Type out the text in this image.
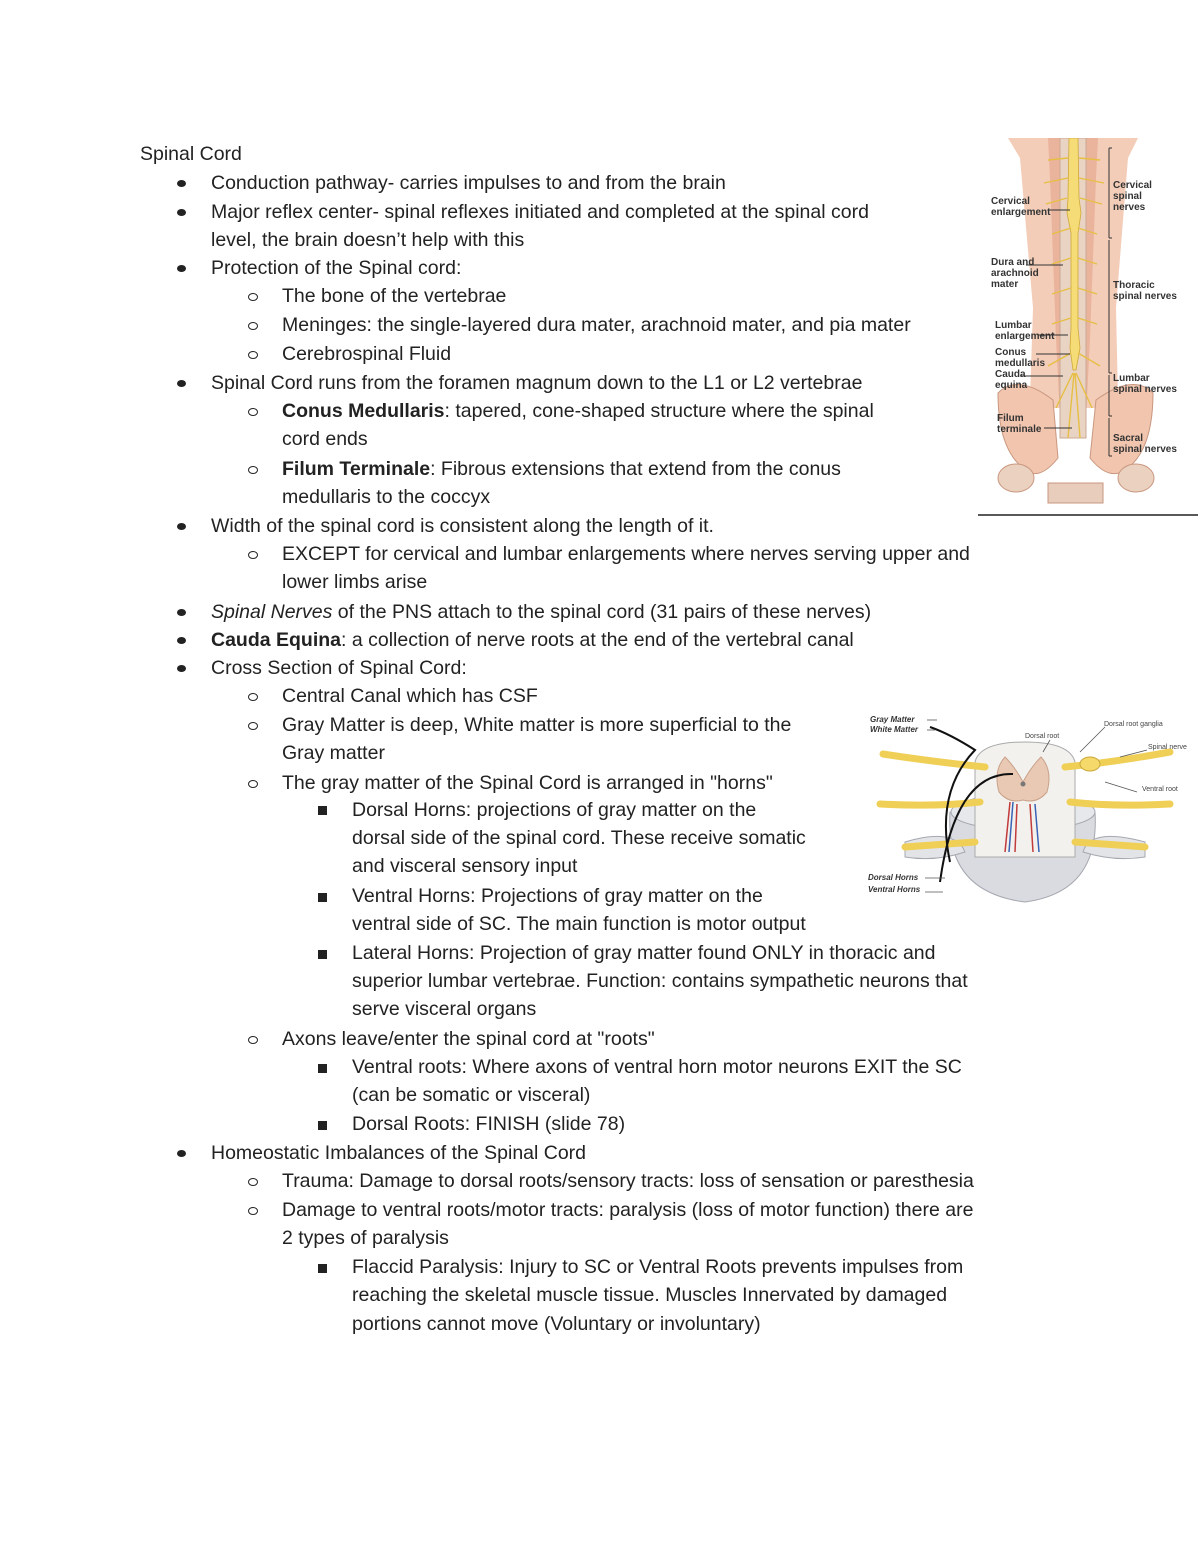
Spinal Cord
Conduction pathway- carries impulses to and from the brain
Major reflex center- spinal reflexes initiated and completed at the spinal cord
level, the brain doesn’t help with this
Protection of the Spinal cord:
The bone of the vertebrae
Meninges: the single-layered dura mater, arachnoid mater, and pia mater
Cerebrospinal Fluid
Spinal Cord runs from the foramen magnum down to the L1 or L2 vertebrae
Conus Medullaris: tapered, cone-shaped structure where the spinal
cord ends
Filum Terminale: Fibrous extensions that extend from the conus
medullaris to the coccyx
Width of the spinal cord is consistent along the length of it.
EXCEPT for cervical and lumbar enlargements where nerves serving upper and
lower limbs arise
Spinal Nerves of the PNS attach to the spinal cord (31 pairs of these nerves)
Cauda Equina: a collection of nerve roots at the end of the vertebral canal
Cross Section of Spinal Cord:
Central Canal which has CSF
Gray Matter is deep, White matter is more superficial to the
Gray matter
The gray matter of the Spinal Cord is arranged in "horns"
Dorsal Horns: projections of gray matter on the
dorsal side of the spinal cord. These receive somatic
and visceral sensory input
Ventral Horns: Projections of gray matter on the
ventral side of SC. The main function is motor output
Lateral Horns: Projection of gray matter found ONLY in thoracic and
superior lumbar vertebrae. Function: contains sympathetic neurons that
serve visceral organs
Axons leave/enter the spinal cord at "roots"
Ventral roots: Where axons of ventral horn motor neurons EXIT the SC
(can be somatic or visceral)
Dorsal Roots: FINISH (slide 78)
Homeostatic Imbalances of the Spinal Cord
Trauma: Damage to dorsal roots/sensory tracts: loss of sensation or paresthesia
Damage to ventral roots/motor tracts: paralysis (loss of motor function) there are
2 types of paralysis
Flaccid Paralysis: Injury to SC or Ventral Roots prevents impulses from
reaching the skeletal muscle tissue. Muscles Innervated by damaged
portions cannot move (Voluntary or involuntary)
Cervical
enlargement
Dura and
arachnoid
mater
Lumbar
enlargement
Conus
medullaris
Cauda
equina
Filum
terminale
Cervical
spinal
nerves
Thoracic
spinal nerves
Lumbar
spinal nerves
Sacral
spinal nerves
Gray Matter
White Matter
Dorsal root ganglia
Spinal nerve
Ventral root
Dorsal root
Dorsal Horns
Ventral Horns
